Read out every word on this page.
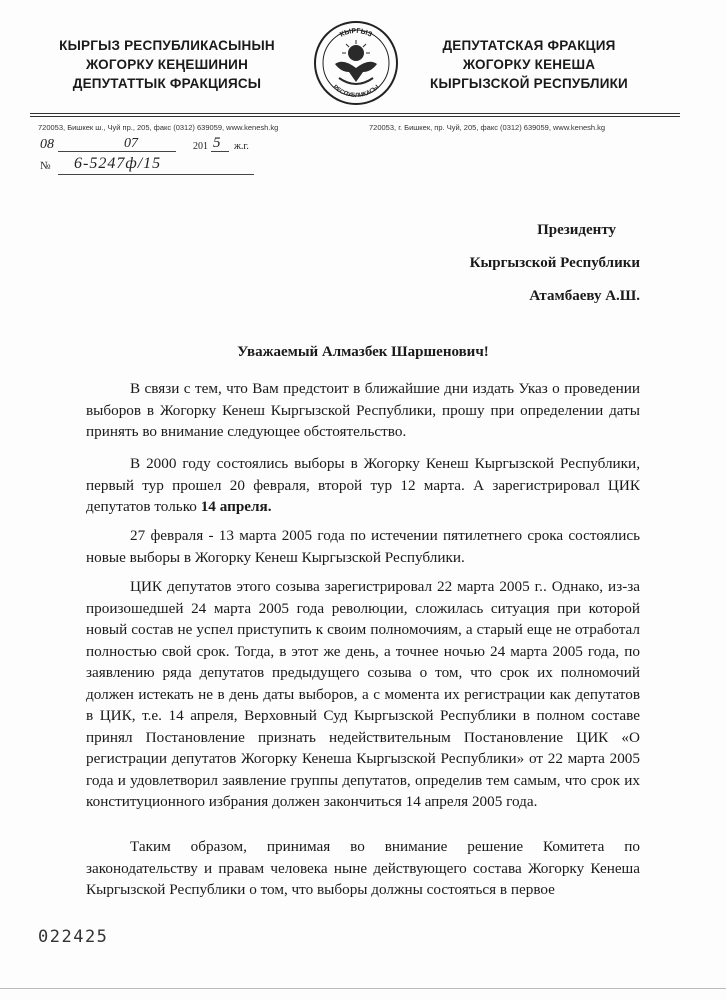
КЫРГЫЗ РЕСПУБЛИКАСЫНЫН
ЖОГОРКУ КЕҢЕШИНИН
ДЕПУТАТТЫК ФРАКЦИЯСЫ
КЫРГЫЗ
РЕСПУБЛИКАСЫ
ДЕПУТАТСКАЯ ФРАКЦИЯ
ЖОГОРКУ КЕНЕША
КЫРГЫЗСКОЙ РЕСПУБЛИКИ
720053, Бишкек ш., Чуй пр., 205, факс (0312) 639059, www.kenesh.kg	720053, г. Бишкек, пр. Чуй, 205, факс (0312) 639059, www.kenesh.kg
08	07	201 5 ж.г.
№ 6-5247ф/15
Президенту
Кыргызской Республики
Атамбаеву А.Ш.
Уважаемый Алмазбек Шаршенович!
В связи с тем, что Вам предстоит в ближайшие дни издать Указ о проведении выборов в Жогорку Кенеш Кыргызской Республики, прошу при определении даты принять во внимание следующее обстоятельство.
В 2000 году состоялись выборы в Жогорку Кенеш Кыргызской Республики, первый тур прошел 20 февраля, второй тур 12 марта. А зарегистрировал ЦИК депутатов только 14 апреля.
27 февраля - 13 марта 2005 года по истечении пятилетнего срока состоялись новые выборы в Жогорку Кенеш Кыргызской Республики.
ЦИК депутатов этого созыва зарегистрировал 22 марта 2005 г.. Однако, из-за произошедшей 24 марта 2005 года революции, сложилась ситуация при которой новый состав не успел приступить к своим полномочиям, а старый еще не отработал полностью свой срок. Тогда, в этот же день, а точнее ночью 24 марта 2005 года, по заявлению ряда депутатов предыдущего созыва о том, что срок их полномочий должен истекать не в день даты выборов, а с момента их регистрации как депутатов в ЦИК, т.е. 14 апреля, Верховный Суд Кыргызской Республики в полном составе принял Постановление признать недействительным Постановление ЦИК «О регистрации депутатов Жогорку Кенеша Кыргызской Республики» от 22 марта 2005 года и удовлетворил заявление группы депутатов, определив тем самым, что срок их конституционного избрания должен закончиться 14 апреля 2005 года.
Таким образом, принимая во внимание решение Комитета по законодательству и правам человека ныне действующего состава Жогорку Кенеша Кыргызской Республики о том, что выборы должны состояться в первое
022425
